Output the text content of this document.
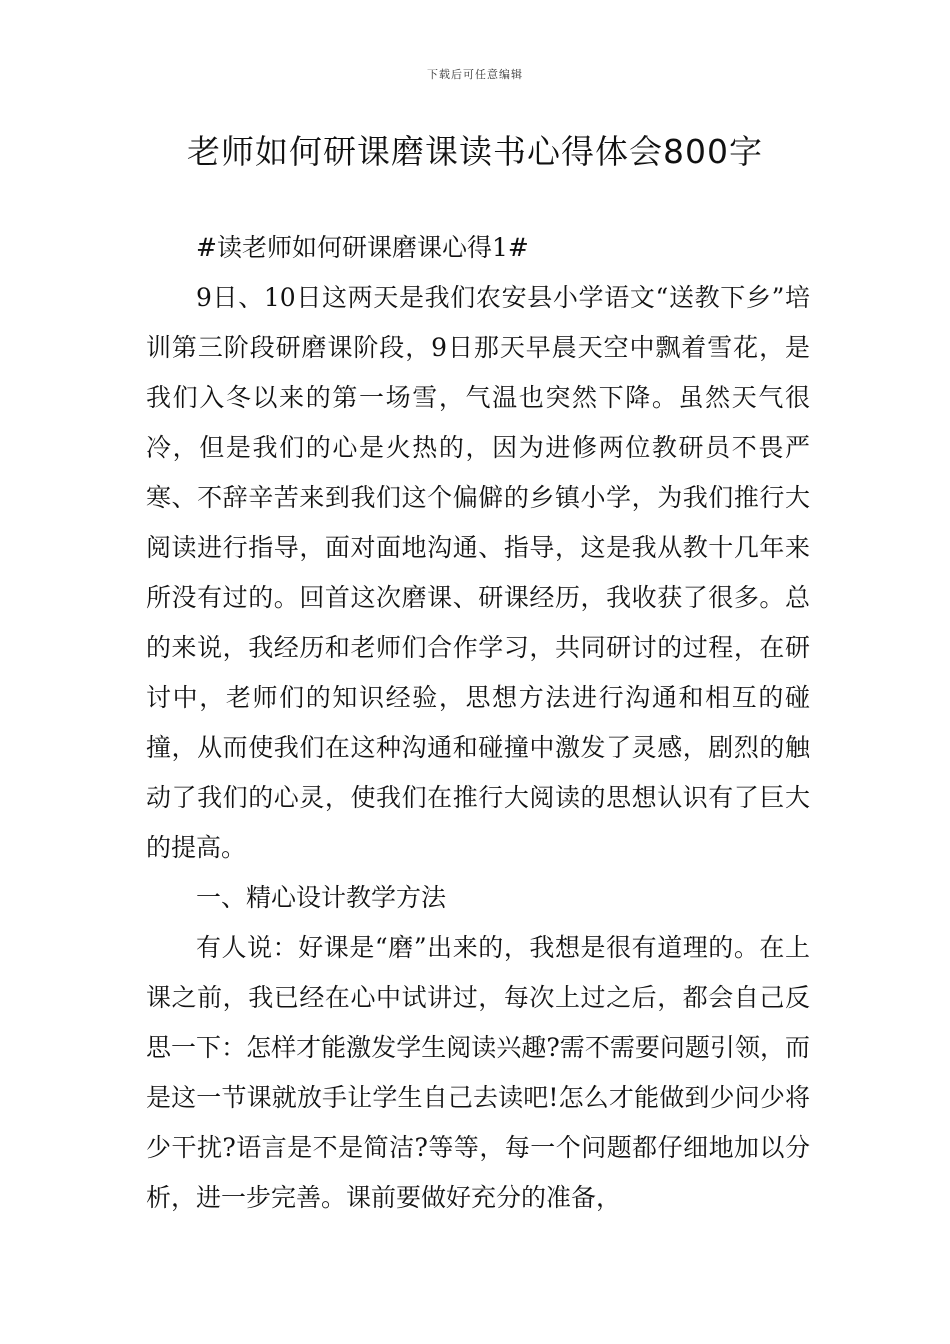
下载后可任意编辑
老师如何研课磨课读书心得体会800字

#读老师如何研课磨课心得1#

9日、10日这两天是我们农安县小学语文“送教下乡”培训第三阶段研磨课阶段，9日那天早晨天空中飘着雪花，是我们入冬以来的第一场雪，气温也突然下降。虽然天气很冷，但是我们的心是火热的，因为进修两位教研员不畏严寒、不辞辛苦来到我们这个偏僻的乡镇小学，为我们推行大阅读进行指导，面对面地沟通、指导，这是我从教十几年来所没有过的。回首这次磨课、研课经历，我收获了很多。总的来说，我经历和老师们合作学习，共同研讨的过程，在研讨中，老师们的知识经验，思想方法进行沟通和相互的碰撞，从而使我们在这种沟通和碰撞中激发了灵感，剧烈的触动了我们的心灵，使我们在推行大阅读的思想认识有了巨大的提高。

一、精心设计教学方法

有人说：好课是“磨”出来的，我想是很有道理的。在上课之前，我已经在心中试讲过，每次上过之后，都会自己反思一下：怎样才能激发学生阅读兴趣?需不需要问题引领，而是这一节课就放手让学生自己去读吧!怎么才能做到少问少将少干扰?语言是不是简洁?等等，每一个问题都仔细地加以分析，进一步完善。课前要做好充分的准备，
